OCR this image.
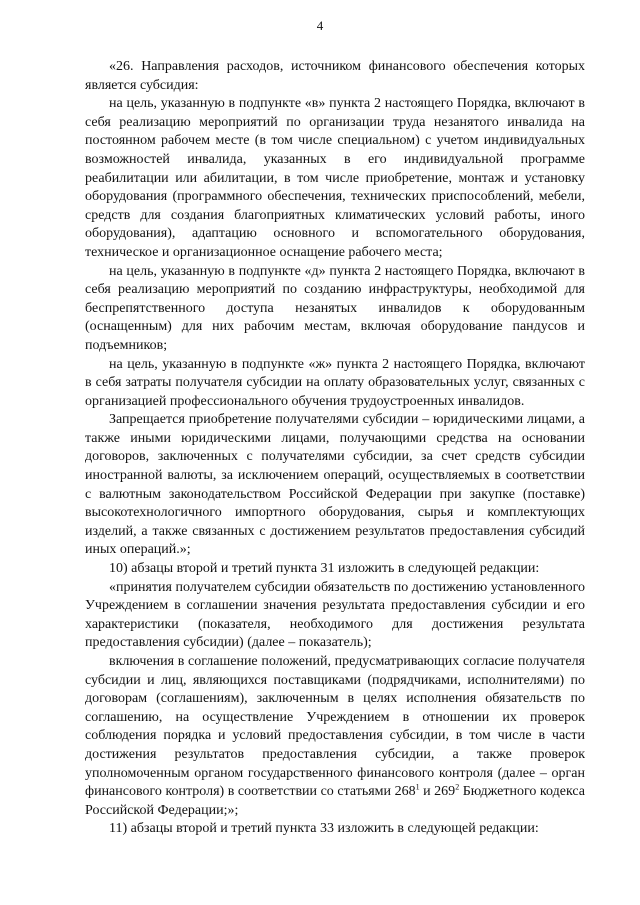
4

«26. Направления расходов, источником финансового обеспечения которых является субсидия:

на цель, указанную в подпункте «в» пункта 2 настоящего Порядка, включают в себя реализацию мероприятий по организации труда незанятого инвалида на постоянном рабочем месте (в том числе специальном) с учетом индивидуальных возможностей инвалида, указанных в его индивидуальной программе реабилитации или абилитации, в том числе приобретение, монтаж и установку оборудования (программного обеспечения, технических приспособлений, мебели, средств для создания благоприятных климатических условий работы, иного оборудования), адаптацию основного и вспомогательного оборудования, техническое и организационное оснащение рабочего места;

на цель, указанную в подпункте «д» пункта 2 настоящего Порядка, включают в себя реализацию мероприятий по созданию инфраструктуры, необходимой для беспрепятственного доступа незанятых инвалидов к оборудованным (оснащенным) для них рабочим местам, включая оборудование пандусов и подъемников;

на цель, указанную в подпункте «ж» пункта 2 настоящего Порядка, включают в себя затраты получателя субсидии на оплату образовательных услуг, связанных с организацией профессионального обучения трудоустроенных инвалидов.

Запрещается приобретение получателями субсидии – юридическими лицами, а также иными юридическими лицами, получающими средства на основании договоров, заключенных с получателями субсидии, за счет средств субсидии иностранной валюты, за исключением операций, осуществляемых в соответствии с валютным законодательством Российской Федерации при закупке (поставке) высокотехнологичного импортного оборудования, сырья и комплектующих изделий, а также связанных с достижением результатов предоставления субсидий иных операций.»;

10) абзацы второй и третий пункта 31 изложить в следующей редакции:

«принятия получателем субсидии обязательств по достижению установленного Учреждением в соглашении значения результата предоставления субсидии и его характеристики (показателя, необходимого для достижения результата предоставления субсидии) (далее – показатель);

включения в соглашение положений, предусматривающих согласие получателя субсидии и лиц, являющихся поставщиками (подрядчиками, исполнителями) по договорам (соглашениям), заключенным в целях исполнения обязательств по соглашению, на осуществление Учреждением в отношении их проверок соблюдения порядка и условий предоставления субсидии, в том числе в части достижения результатов предоставления субсидии, а также проверок уполномоченным органом государственного финансового контроля (далее – орган финансового контроля) в соответствии со статьями $268^1$ и $269^2$ Бюджетного кодекса Российской Федерации;»;

11) абзацы второй и третий пункта 33 изложить в следующей редакции:
